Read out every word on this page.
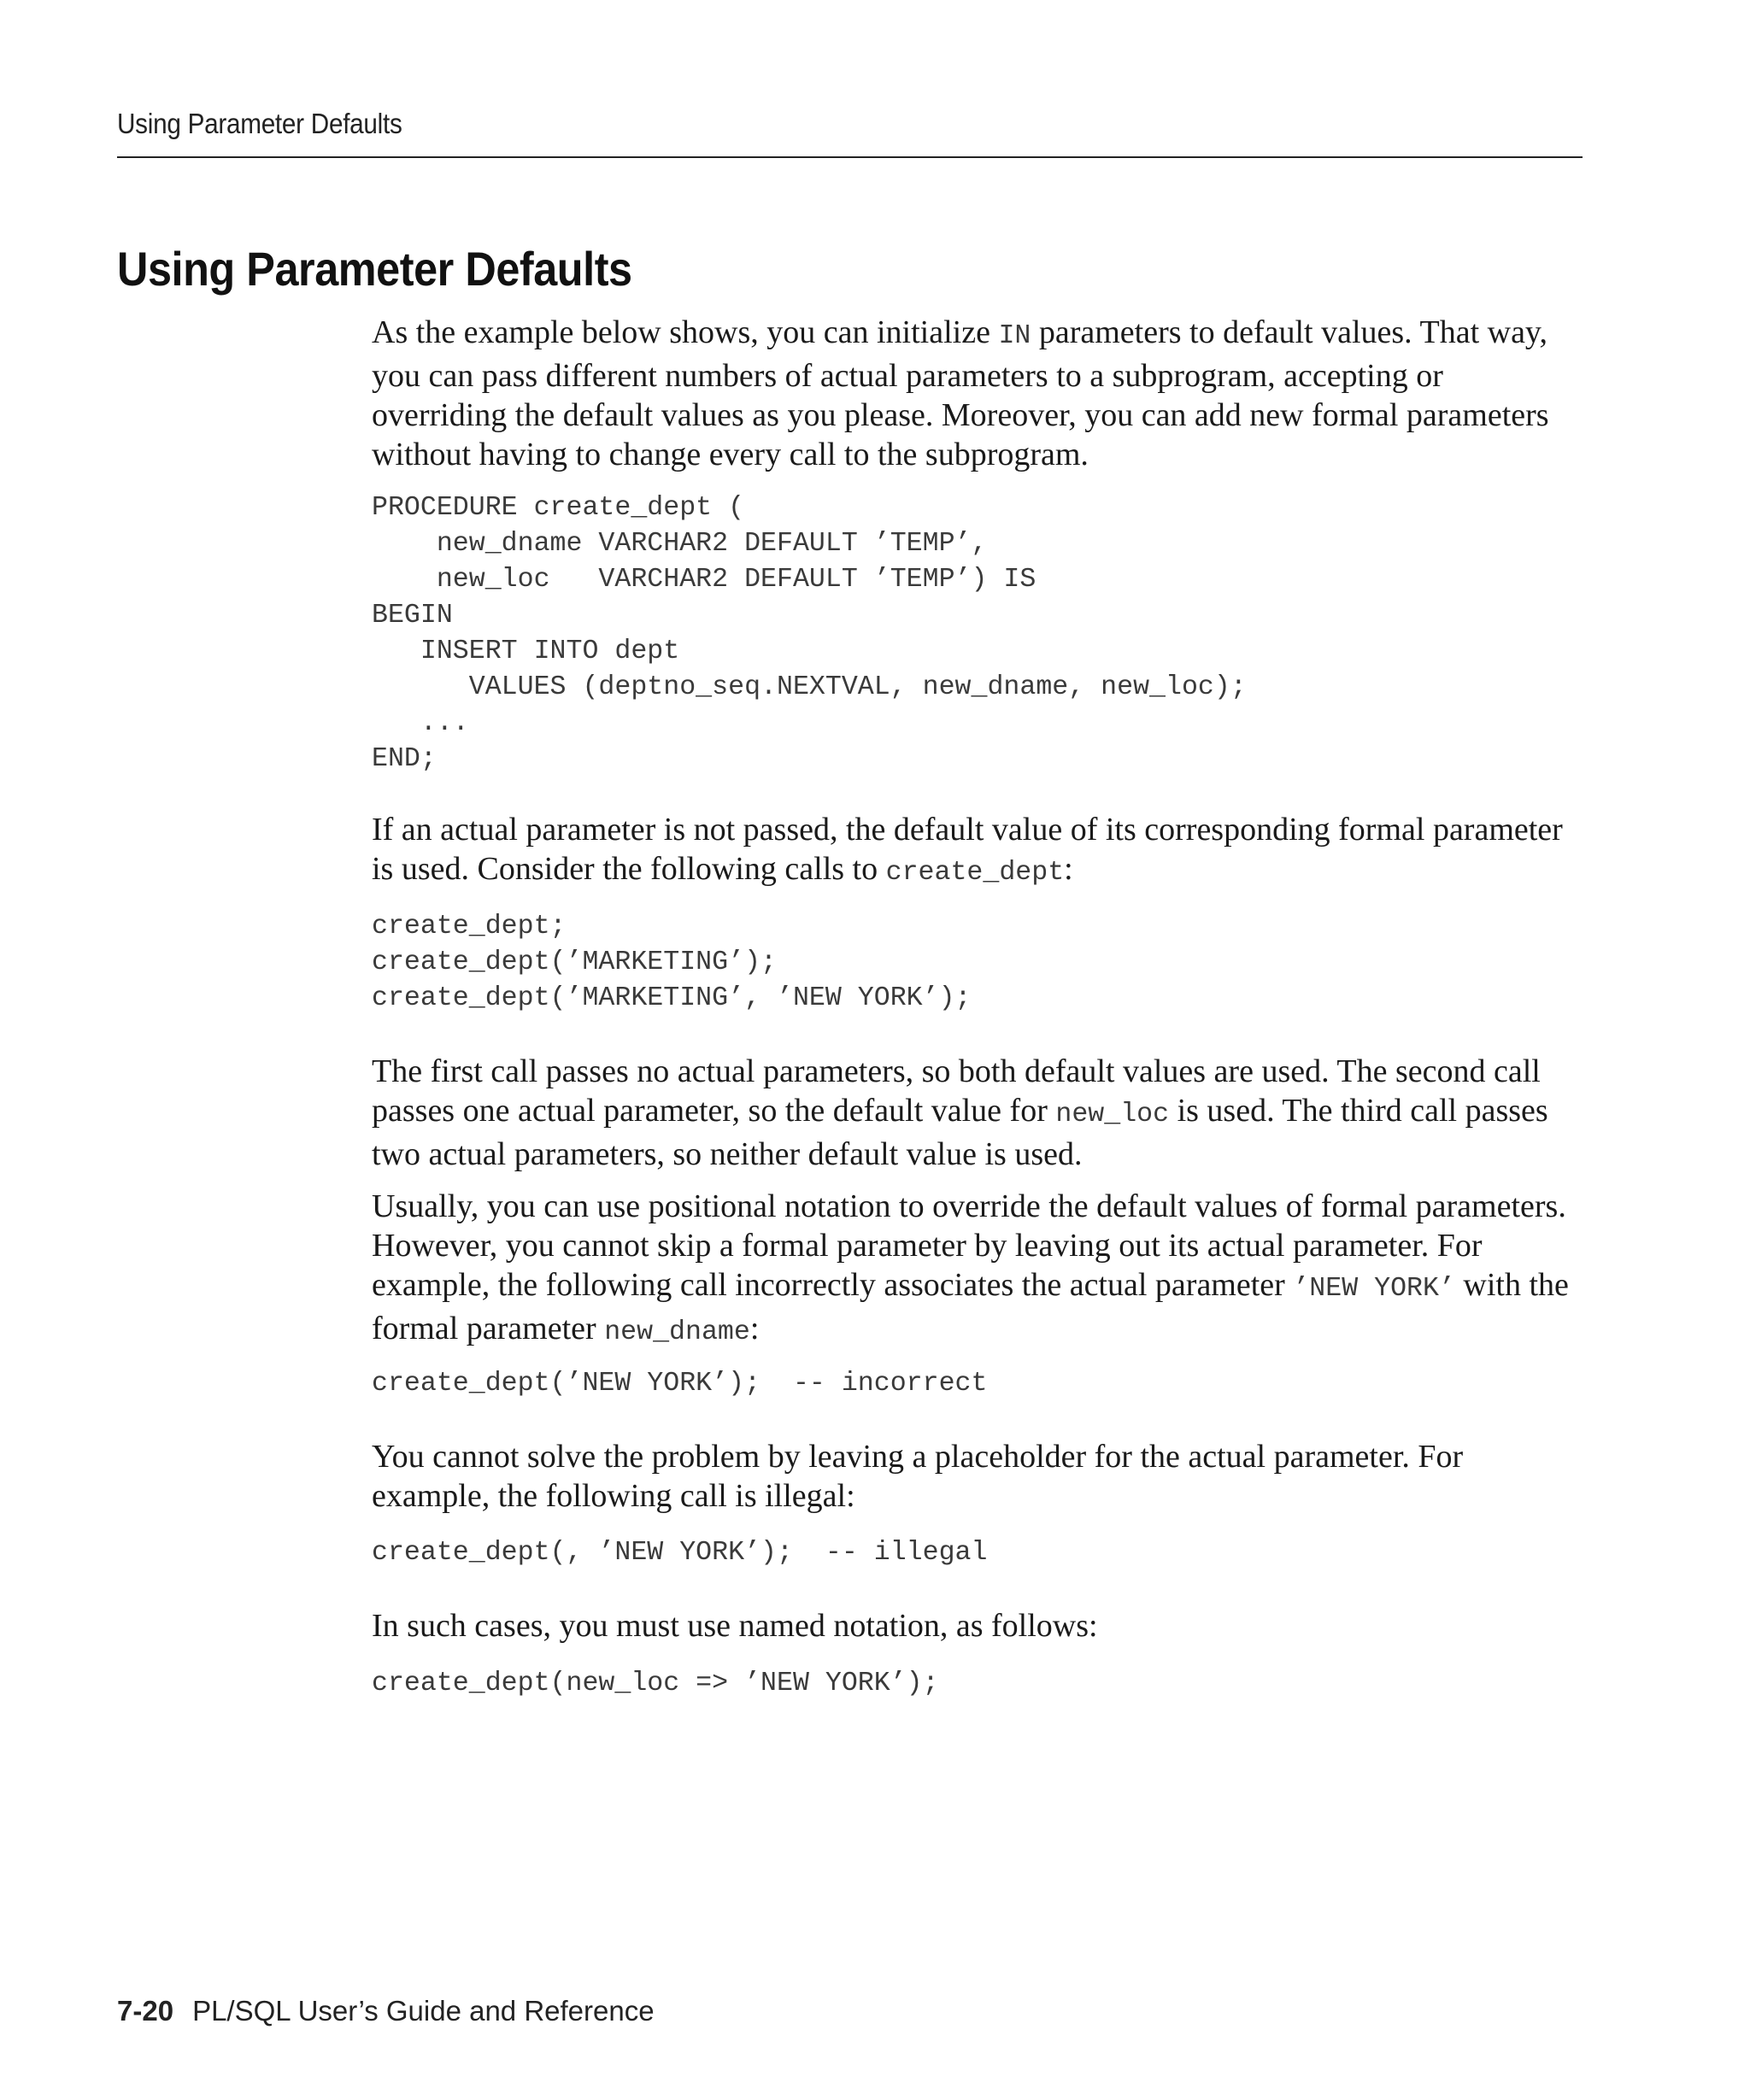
Using Parameter Defaults
Using Parameter Defaults

As the example below shows, you can initialize IN parameters to default values. That way, you can pass different numbers of actual parameters to a subprogram, accepting or overriding the default values as you please. Moreover, you can add new formal parameters without having to change every call to the subprogram.

PROCEDURE create_dept (
new_dname VARCHAR2 DEFAULT ’TEMP’,
new_loc   VARCHAR2 DEFAULT ’TEMP’) IS
BEGIN
INSERT INTO dept
VALUES (deptno_seq.NEXTVAL, new_dname, new_loc);
...
END;

If an actual parameter is not passed, the default value of its corresponding formal parameter is used. Consider the following calls to create_dept:

create_dept;
create_dept(’MARKETING’);
create_dept(’MARKETING’, ’NEW YORK’);

The first call passes no actual parameters, so both default values are used. The second call passes one actual parameter, so the default value for new_loc is used. The third call passes two actual parameters, so neither default value is used.

Usually, you can use positional notation to override the default values of formal parameters. However, you cannot skip a formal parameter by leaving out its actual parameter. For example, the following call incorrectly associates the actual parameter ’NEW YORK’ with the formal parameter new_dname:

create_dept(’NEW YORK’);  -- incorrect

You cannot solve the problem by leaving a placeholder for the actual parameter. For example, the following call is illegal:

create_dept(, ’NEW YORK’);  -- illegal

In such cases, you must use named notation, as follows:

create_dept(new_loc => ’NEW YORK’);
7-20 PL/SQL User’s Guide and Reference
